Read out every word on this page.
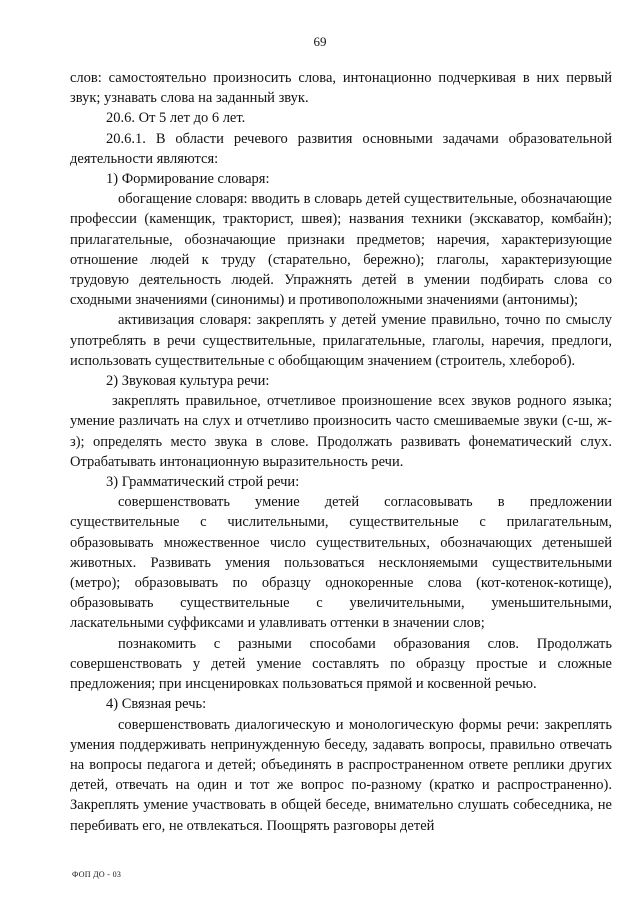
69

слов: самостоятельно произносить слова, интонационно подчеркивая в них первый звук; узнавать слова на заданный звук.

20.6. От 5 лет до 6 лет.

20.6.1. В области речевого развития основными задачами образовательной деятельности являются:

1) Формирование словаря:

обогащение словаря: вводить в словарь детей существительные, обозначающие профессии (каменщик, тракторист, швея); названия техники (экскаватор, комбайн); прилагательные, обозначающие признаки предметов; наречия, характеризующие отношение людей к труду (старательно, бережно); глаголы, характеризующие трудовую деятельность людей. Упражнять детей в умении подбирать слова со сходными значениями (синонимы) и противоположными значениями (антонимы);

активизация словаря: закреплять у детей умение правильно, точно по смыслу употреблять в речи существительные, прилагательные, глаголы, наречия, предлоги, использовать существительные с обобщающим значением (строитель, хлебороб).

2) Звуковая культура речи:

закреплять правильное, отчетливое произношение всех звуков родного языка; умение различать на слух и отчетливо произносить часто смешиваемые звуки (с-ш, ж-з); определять место звука в слове. Продолжать развивать фонематический слух. Отрабатывать интонационную выразительность речи.

3) Грамматический строй речи:

совершенствовать умение детей согласовывать в предложении существительные с числительными, существительные с прилагательным, образовывать множественное число существительных, обозначающих детенышей животных. Развивать умения пользоваться несклоняемыми существительными (метро); образовывать по образцу однокоренные слова (кот-котенок-котище), образовывать существительные с увеличительными, уменьшительными, ласкательными суффиксами и улавливать оттенки в значении слов;

познакомить с разными способами образования слов. Продолжать совершенствовать у детей умение составлять по образцу простые и сложные предложения; при инсценировках пользоваться прямой и косвенной речью.

4) Связная речь:

совершенствовать диалогическую и монологическую формы речи: закреплять умения поддерживать непринужденную беседу, задавать вопросы, правильно отвечать на вопросы педагога и детей; объединять в распространенном ответе реплики других детей, отвечать на один и тот же вопрос по-разному (кратко и распространенно). Закреплять умение участвовать в общей беседе, внимательно слушать собеседника, не перебивать его, не отвлекаться. Поощрять разговоры детей

ФОП ДО - 03
